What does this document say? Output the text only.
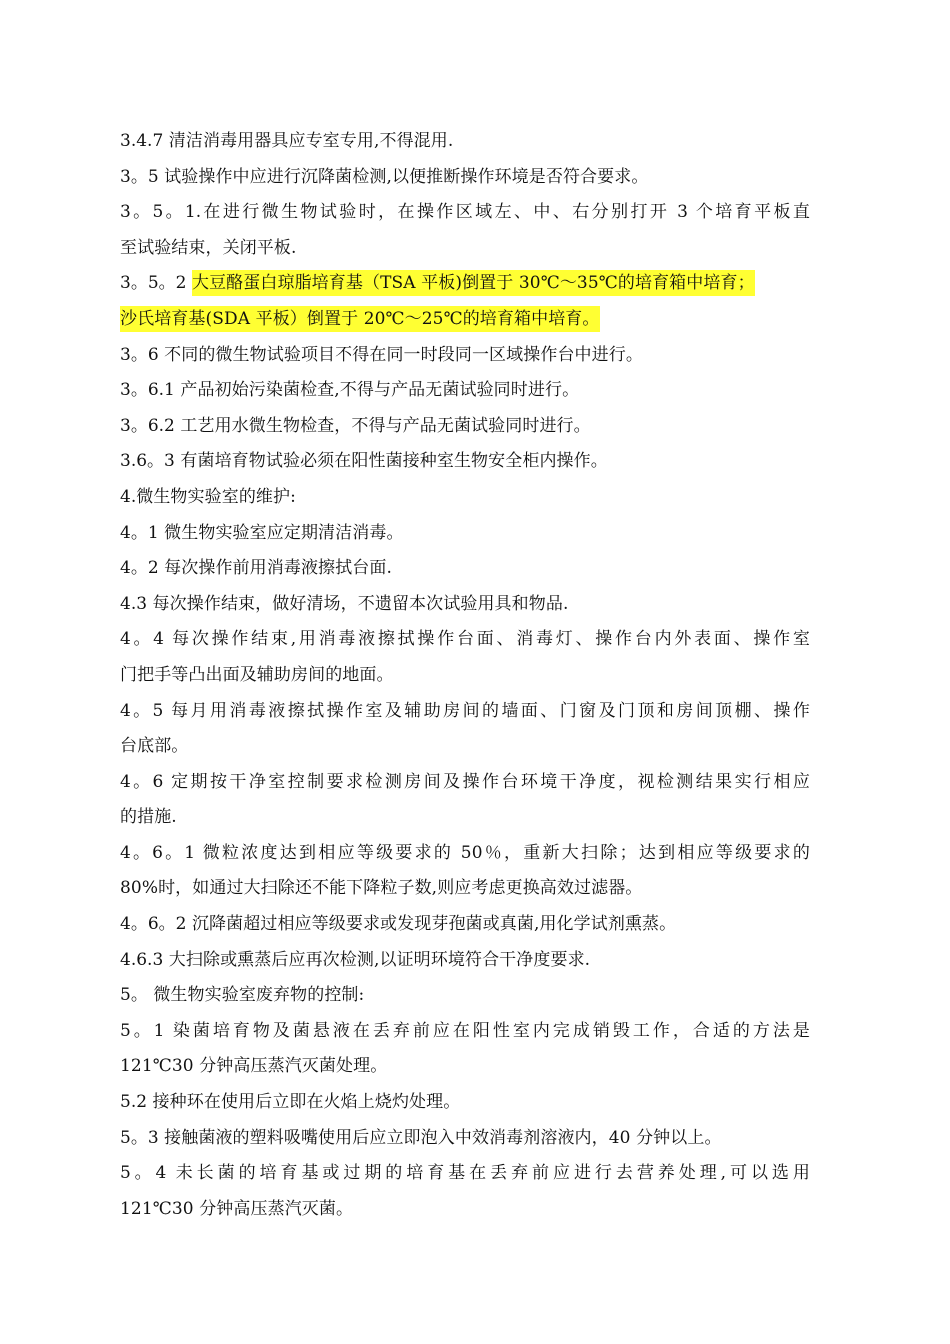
3.4.7 清洁消毒用器具应专室专用,不得混用.
3。5 试验操作中应进行沉降菌检测,以便推断操作环境是否符合要求。
3。5。1.在进行微生物试验时，在操作区域左、中、右分别打开 3 个培育平板直
至试验结束，关闭平板.
3。5。2 大豆酪蛋白琼脂培育基（TSA 平板)倒置于 30℃～35℃的培育箱中培育；
沙氏培育基(SDA 平板）倒置于 20℃～25℃的培育箱中培育。
3。6 不同的微生物试验项目不得在同一时段同一区域操作台中进行。
3。6.1 产品初始污染菌检查,不得与产品无菌试验同时进行。
3。6.2 工艺用水微生物检查，不得与产品无菌试验同时进行。
3.6。3 有菌培育物试验必须在阳性菌接种室生物安全柜内操作。
4.微生物实验室的维护:
4。1 微生物实验室应定期清洁消毒。
4。2 每次操作前用消毒液擦拭台面.
4.3 每次操作结束，做好清场，不遗留本次试验用具和物品.
4。4 每次操作结束,用消毒液擦拭操作台面、消毒灯、操作台内外表面、操作室
门把手等凸出面及辅助房间的地面。
4。5 每月用消毒液擦拭操作室及辅助房间的墙面、门窗及门顶和房间顶棚、操作
台底部。
4。6 定期按干净室控制要求检测房间及操作台环境干净度，视检测结果实行相应
的措施.
4。6。1 微粒浓度达到相应等级要求的 50％，重新大扫除；达到相应等级要求的
80%时，如通过大扫除还不能下降粒子数,则应考虑更换高效过滤器。
4。6。2 沉降菌超过相应等级要求或发现芽孢菌或真菌,用化学试剂熏蒸。
4.6.3 大扫除或熏蒸后应再次检测,以证明环境符合干净度要求.
5。 微生物实验室废弃物的控制:
5。1 染菌培育物及菌悬液在丢弃前应在阳性室内完成销毁工作，合适的方法是
121℃30 分钟高压蒸汽灭菌处理。
5.2 接种环在使用后立即在火焰上烧灼处理。
5。3 接触菌液的塑料吸嘴使用后应立即泡入中效消毒剂溶液内，40 分钟以上。
5。4 未长菌的培育基或过期的培育基在丢弃前应进行去营养处理,可以选用
121℃30 分钟高压蒸汽灭菌。
